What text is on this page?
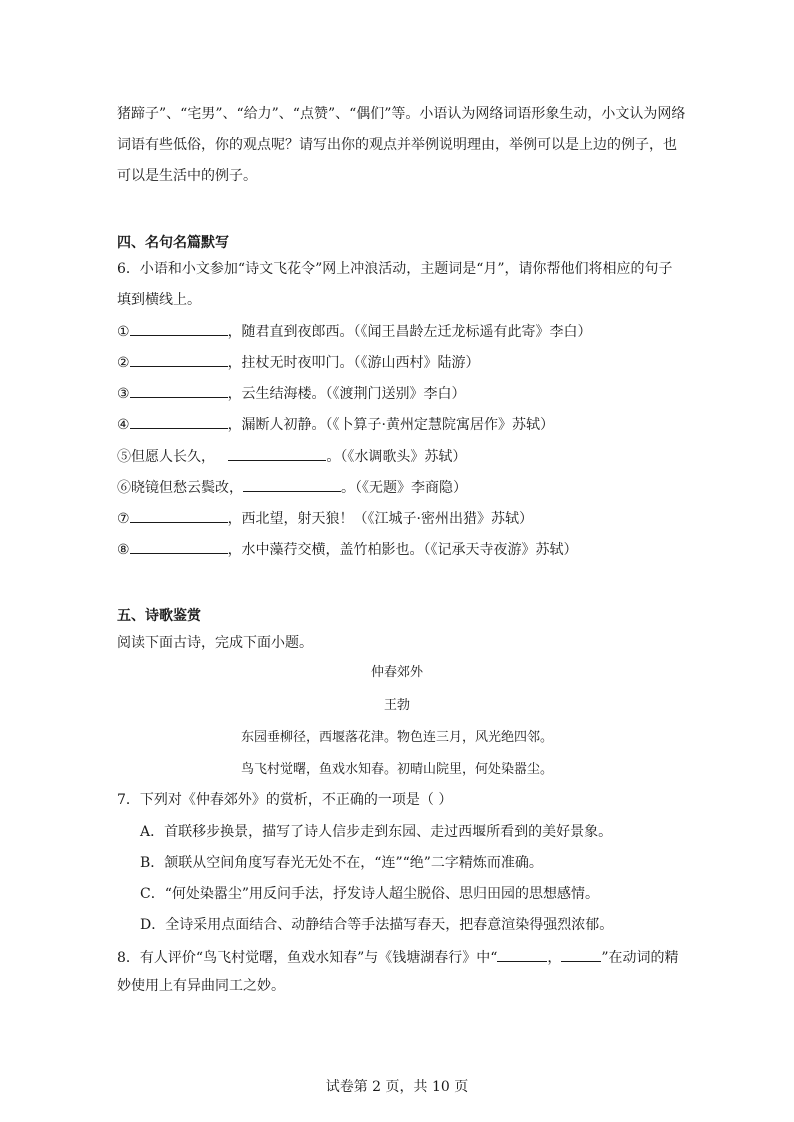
猪蹄子”、“宅男”、“给力”、“点赞”、“偶们”等。小语认为网络词语形象生动，小文认为网络
词语有些低俗，你的观点呢？请写出你的观点并举例说明理由，举例可以是上边的例子，也
可以是生活中的例子。
四、名句名篇默写
6．小语和小文参加“诗文飞花令”网上冲浪活动，主题词是“月”，请你帮他们将相应的句子
填到横线上。
①	，随君直到夜郎西。（《闻王昌龄左迁龙标遥有此寄》李白）
②	，拄杖无时夜叩门。（《游山西村》陆游）
③	，云生结海楼。（《渡荆门送别》李白）
④	，漏断人初静。（《卜算子·黄州定慧院寓居作》苏轼）
⑤但愿人长久，	。（《水调歌头》苏轼）
⑥晓镜但愁云鬓改，	。（《无题》李商隐）
⑦	，西北望，射天狼！（《江城子·密州出猎》苏轼）
⑧	，水中藻荇交横，盖竹柏影也。（《记承天寺夜游》苏轼）
五、诗歌鉴赏
阅读下面古诗，完成下面小题。
仲春郊外
王勃
东园垂柳径，西堰落花津。物色连三月，风光绝四邻。
鸟飞村觉曙，鱼戏水知春。初晴山院里，何处染嚣尘。
7．下列对《仲春郊外》的赏析，不正确的一项是（ ）
A．首联移步换景，描写了诗人信步走到东园、走过西堰所看到的美好景象。
B．颔联从空间角度写春光无处不在，“连”“绝”二字精炼而准确。
C．“何处染嚣尘”用反问手法，抒发诗人超尘脱俗、思归田园的思想感情。
D．全诗采用点面结合、动静结合等手法描写春天，把春意渲染得强烈浓郁。
8．有人评价“鸟飞村觉曙，鱼戏水知春”与《钱塘湖春行》中“	，	”在动词的精
妙使用上有异曲同工之妙。
试卷第 2 页，共 10 页
